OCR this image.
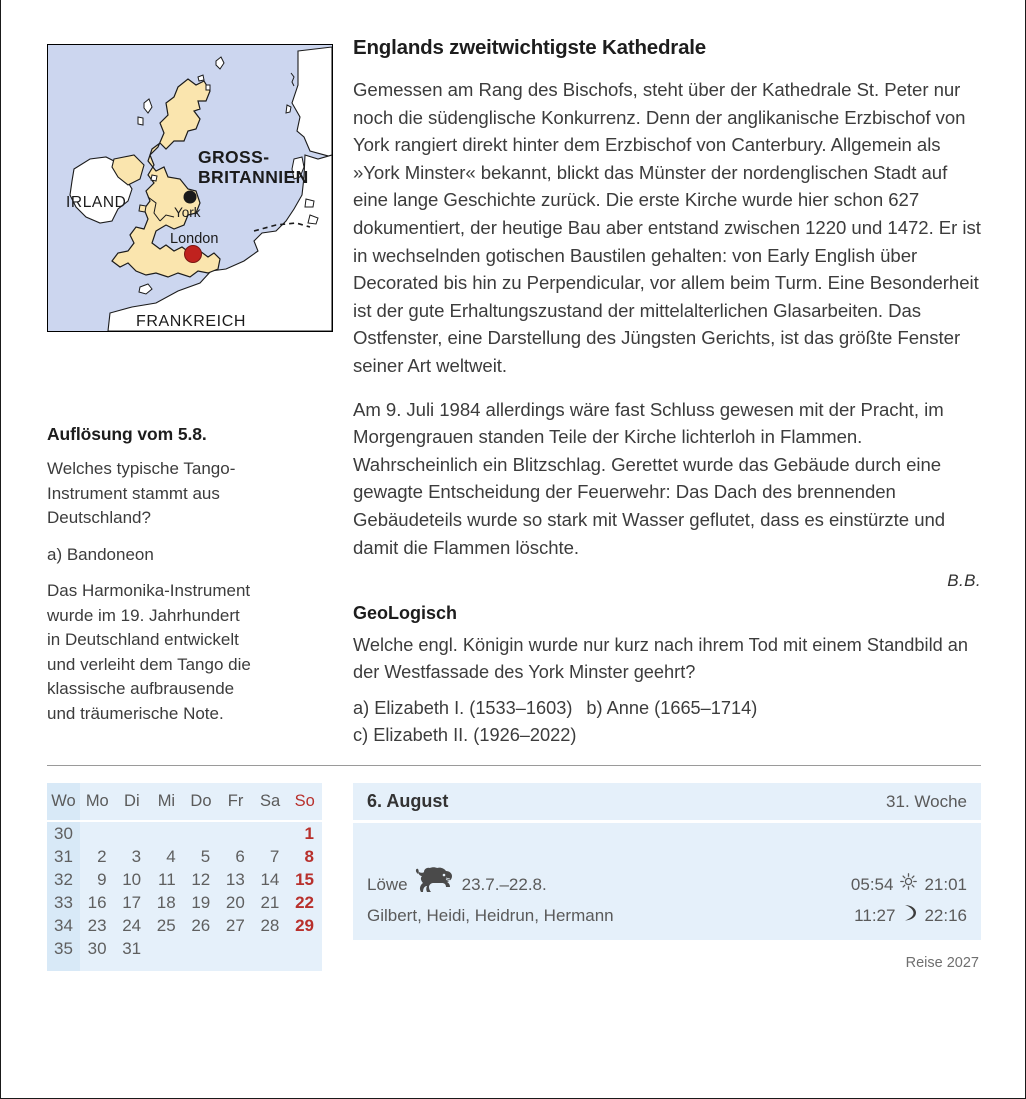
GROSS-
BRITANNIEN
IRLAND
FRANKREICH
York
London
Auflösung vom 5.8.

Welches typische Tango-
Instrument stammt aus
Deutschland?

a) Bandoneon

Das Harmonika-Instrument
wurde im 19. Jahrhundert
in Deutschland entwickelt
und verleiht dem Tango die
klassische aufbrausende
und träumerische Note.

Englands zweitwichtigste Kathedrale

Gemessen am Rang des Bischofs, steht über der Kathedrale St. Peter nur noch die südenglische Konkurrenz. Denn der anglikanische Erzbischof von York rangiert direkt hinter dem Erzbischof von Canterbury. Allgemein als »York Minster« bekannt, blickt das Münster der nordenglischen Stadt auf eine lange Geschichte zurück. Die erste Kirche wurde hier schon 627 dokumentiert, der heutige Bau aber entstand zwischen 1220 und 1472. Er ist in wechselnden gotischen Baustilen gehalten: von Early English über Decorated bis hin zu Perpendicular, vor allem beim Turm. Eine Besonderheit ist der gute Erhaltungszustand der mittelalterlichen Glasarbeiten. Das Ostfenster, eine Darstellung des Jüngsten Gerichts, ist das größte Fenster seiner Art weltweit.

Am 9. Juli 1984 allerdings wäre fast Schluss gewesen mit der Pracht, im Morgengrauen standen Teile der Kirche lichterloh in Flammen. Wahrscheinlich ein Blitzschlag. Gerettet wurde das Gebäude durch eine gewagte Entscheidung der Feuerwehr: Das Dach des brennenden Gebäudeteils wurde so stark mit Wasser geflutet, dass es einstürzte und damit die Flammen löschte.

B.B.
GeoLogisch

Welche engl. Königin wurde nur kurz nach ihrem Tod mit einem Standbild an der Westfassade des York Minster geehrt?

a) Elizabeth I. (1533–1603) b) Anne (1665–1714)
c) Elizabeth II. (1926–2022)

Wo	Mo	Di	Mi	Do	Fr	Sa	So
30							1
31	2	3	4	5	6	7	8
32	9	10	11	12	13	14	15
33	16	17	18	19	20	21	22
34	23	24	25	26	27	28	29
35	30	31					
6. August	31. Woche
Löwe	23.7.–22.8.	05:54 21:01
Gilbert, Heidi, Heidrun, Hermann	11:27 22:16
Reise 2027
